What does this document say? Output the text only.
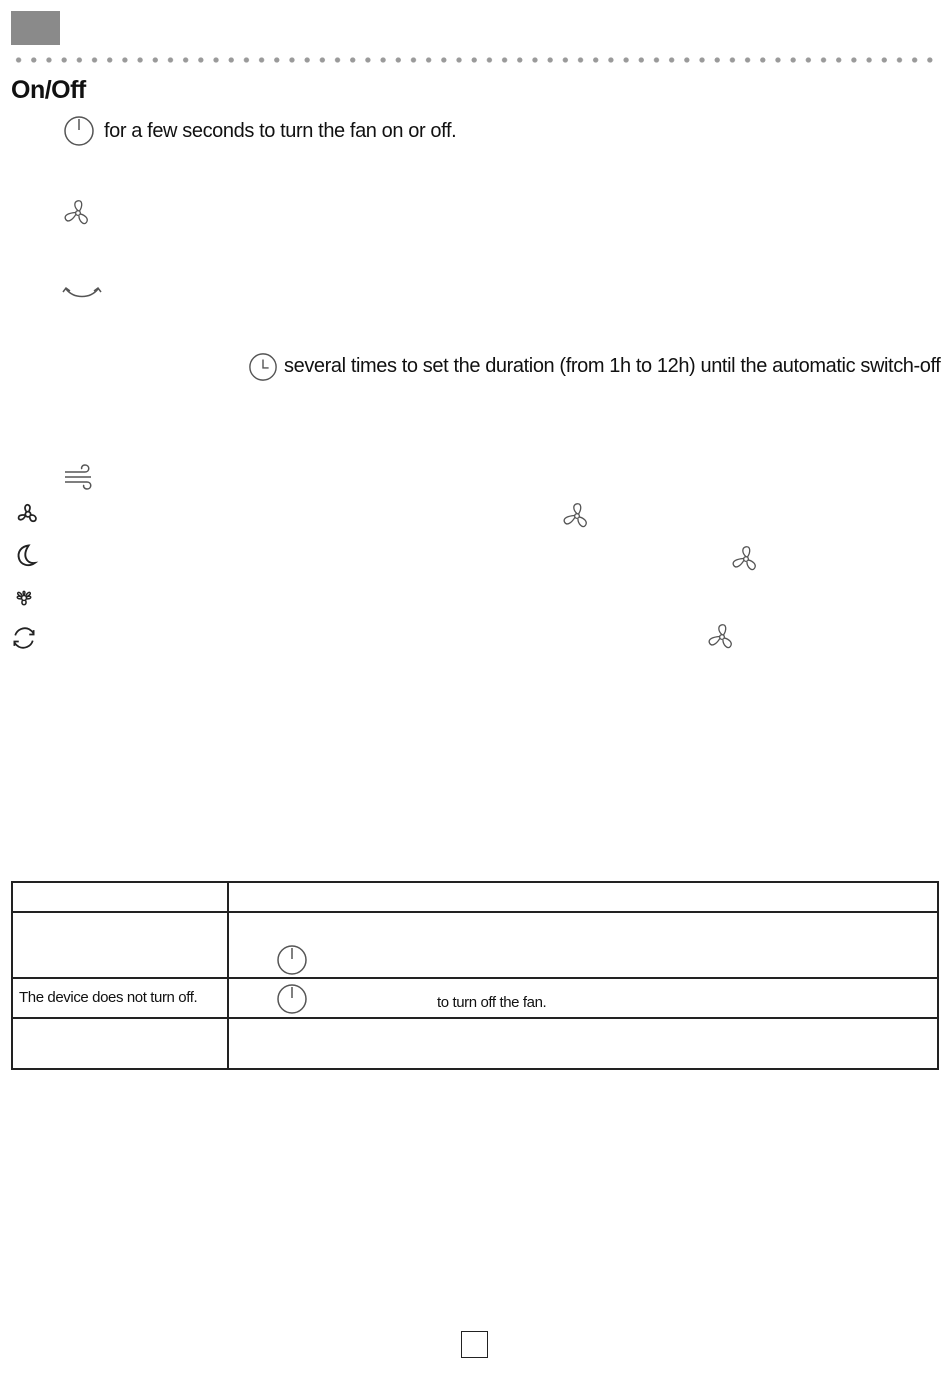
On/Off
for a few seconds to turn the fan on or off.
several times to set the duration (from 1h to 12h) until the automatic switch-off

The device does not turn off.	to turn off the fan.
